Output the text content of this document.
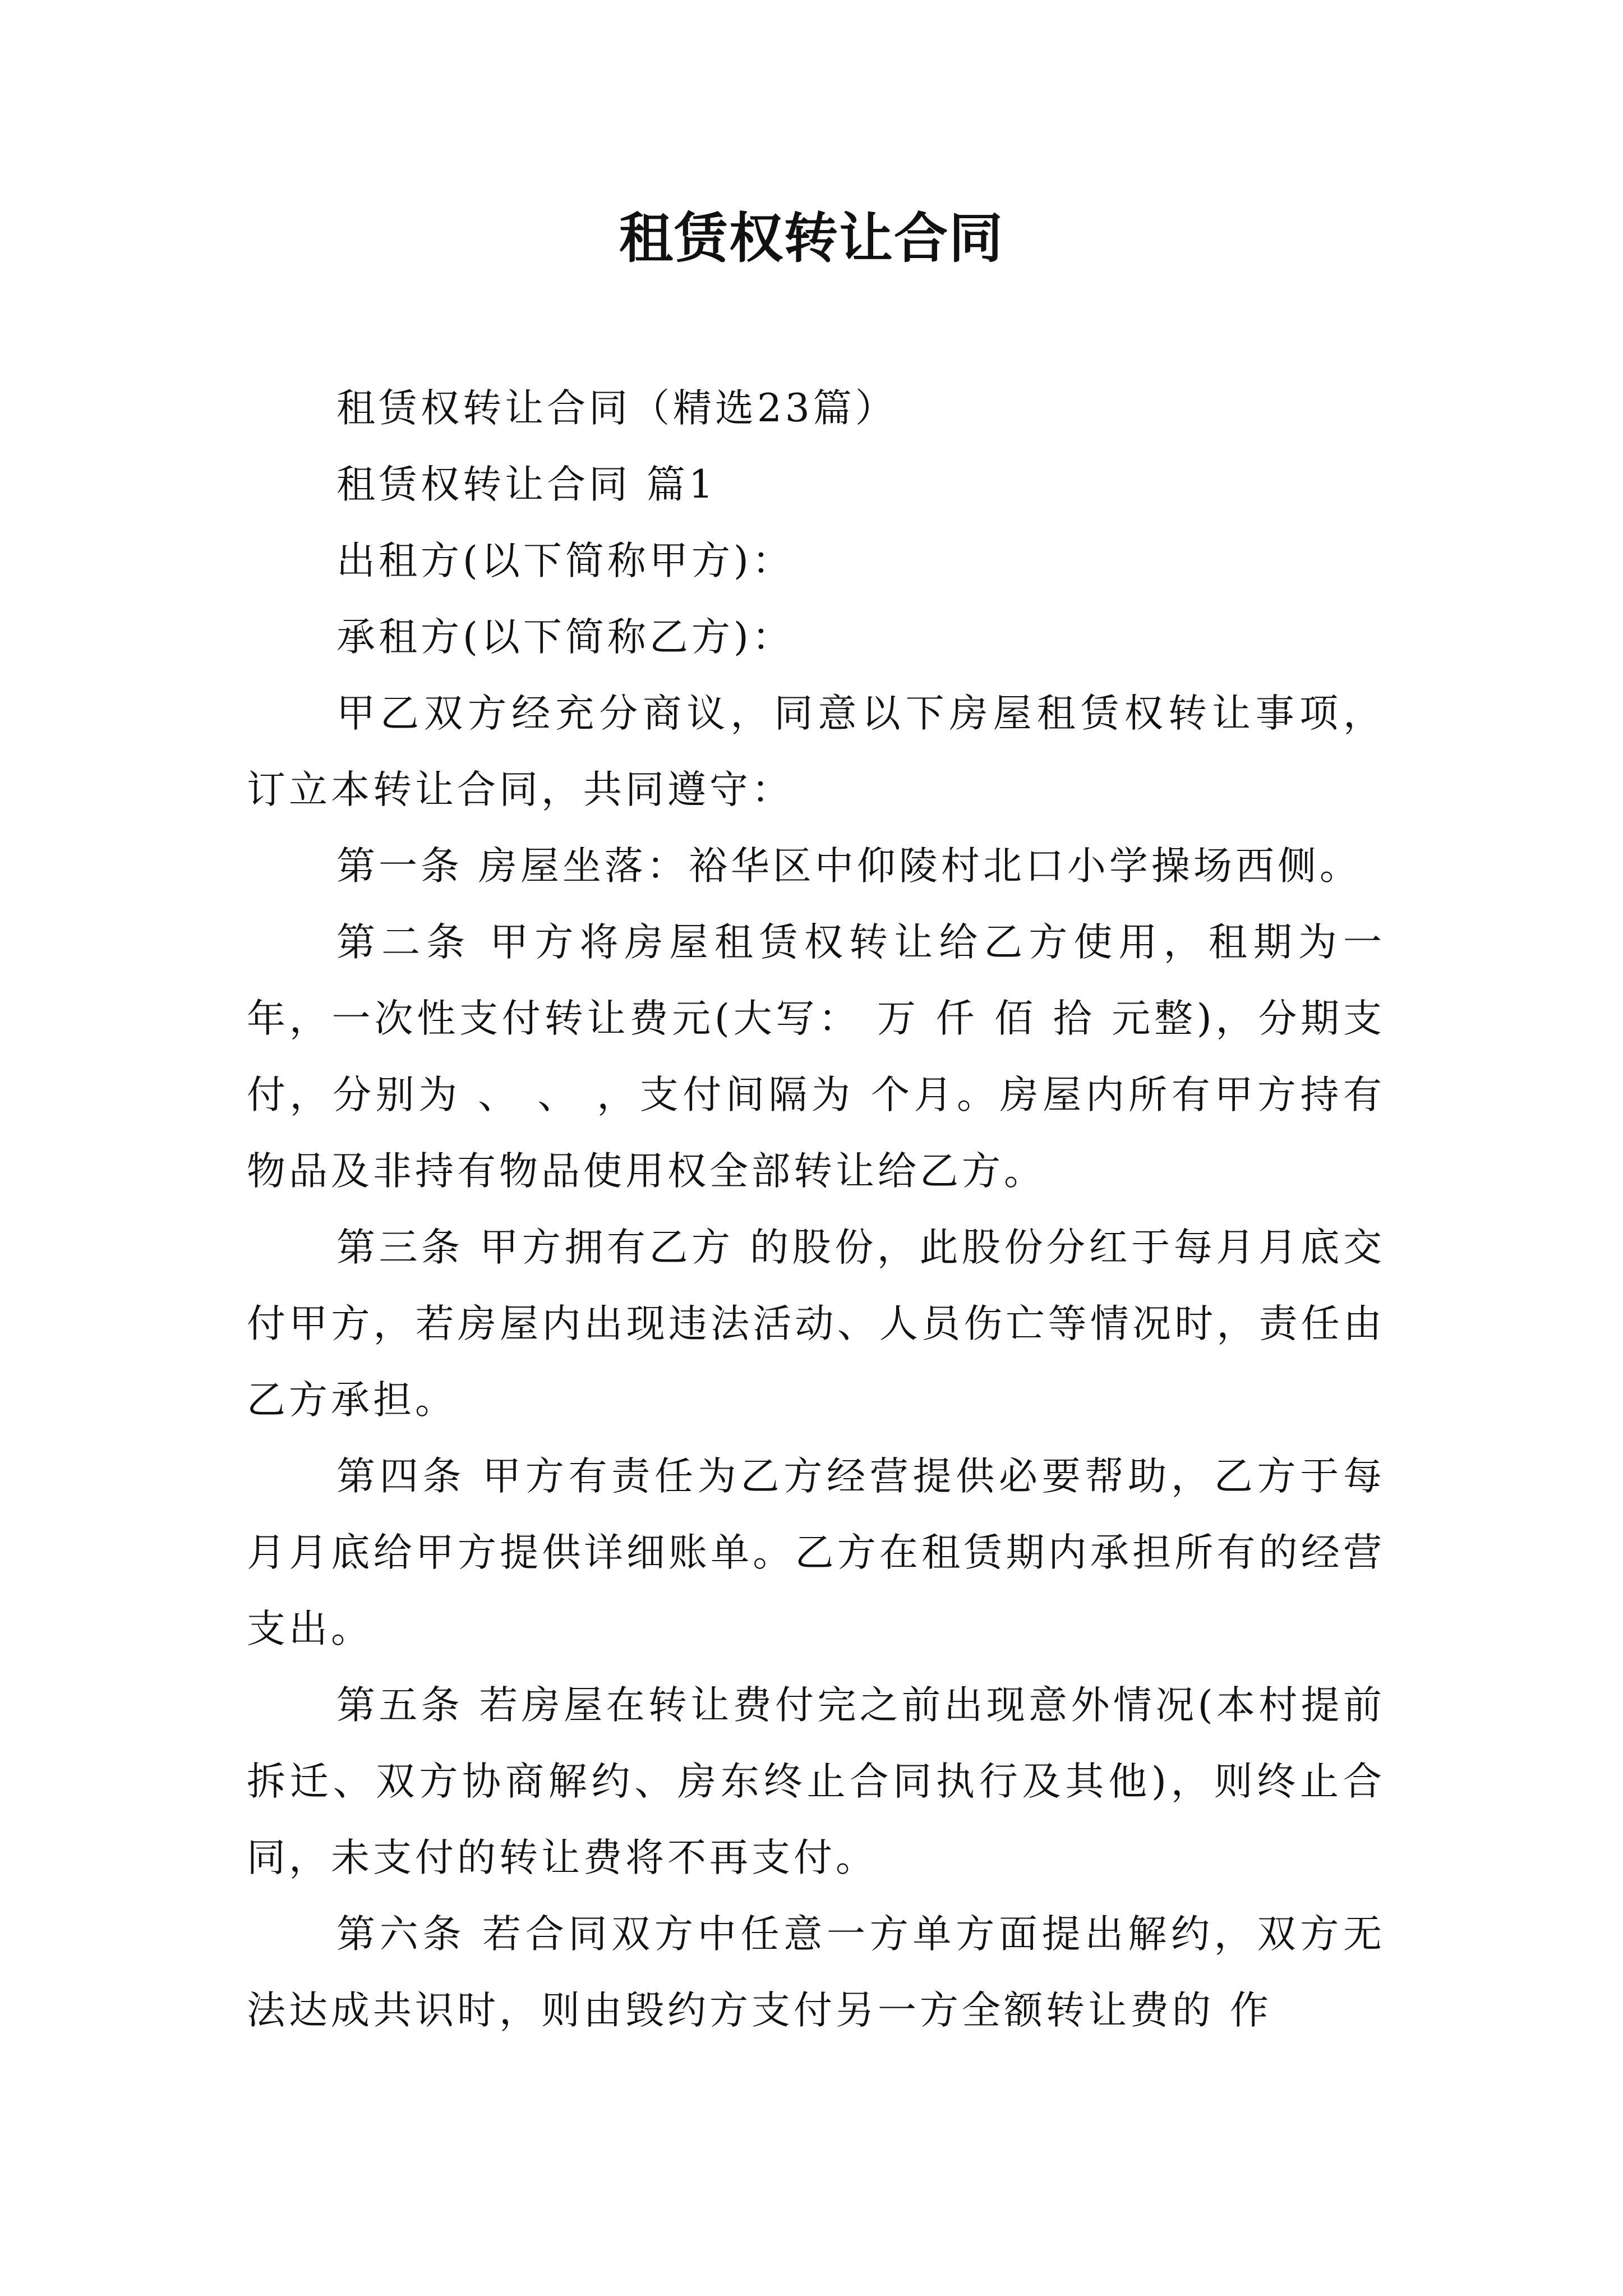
租赁权转让合同

租赁权转让合同（精选23篇）

租赁权转让合同 篇1

出租方(以下简称甲方)：

承租方(以下简称乙方)：

甲乙双方经充分商议，同意以下房屋租赁权转让事项，订立本转让合同，共同遵守：

第一条 房屋坐落：裕华区中仰陵村北口小学操场西侧。

第二条 甲方将房屋租赁权转让给乙方使用，租期为一年，一次性支付转让费元(大写： 万 仟 佰 拾 元整)，分期支付，分别为 、 、 ，支付间隔为 个月。房屋内所有甲方持有物品及非持有物品使用权全部转让给乙方。

第三条 甲方拥有乙方 的股份，此股份分红于每月月底交付甲方，若房屋内出现违法活动、人员伤亡等情况时，责任由乙方承担。

第四条 甲方有责任为乙方经营提供必要帮助，乙方于每月月底给甲方提供详细账单。乙方在租赁期内承担所有的经营支出。

第五条 若房屋在转让费付完之前出现意外情况(本村提前拆迁、双方协商解约、房东终止合同执行及其他)，则终止合同，未支付的转让费将不再支付。

第六条 若合同双方中任意一方单方面提出解约，双方无法达成共识时，则由毁约方支付另一方全额转让费的 作
